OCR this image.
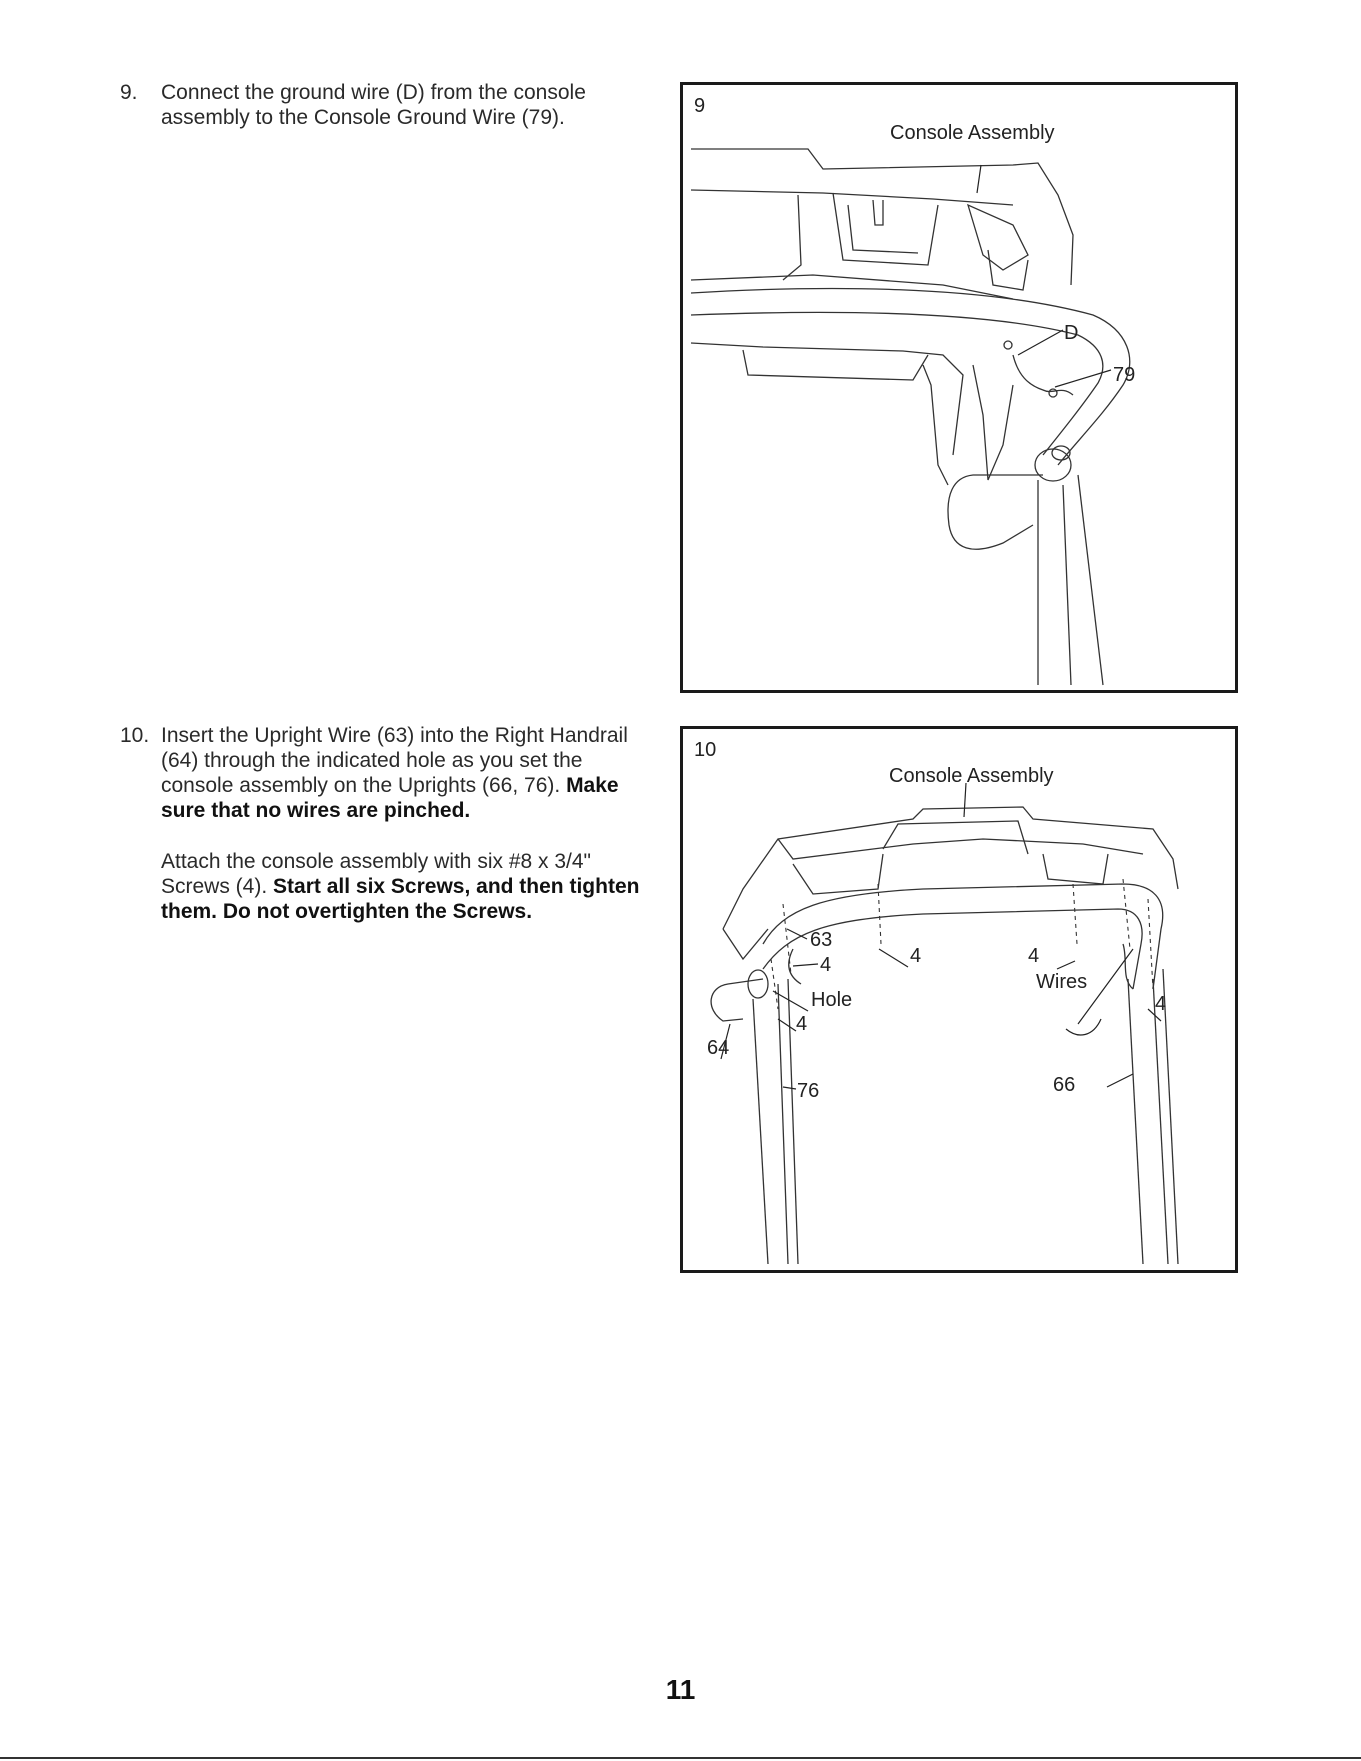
9. Connect the ground wire (D) from the console assembly to the Console Ground Wire (79).

10. Insert the Upright Wire (63) into the Right Handrail (64) through the indicated hole as you set the console assembly on the Uprights (66, 76). Make sure that no wires are pinched.

Attach the console assembly with six #8 x 3/4" Screws (4). Start all six Screws, and then tighten them. Do not overtighten the Screws.

9
Console Assembly
D
79
10
Console Assembly
63
4
Hole
4
64
76
4	4
Wires
4
66
11
